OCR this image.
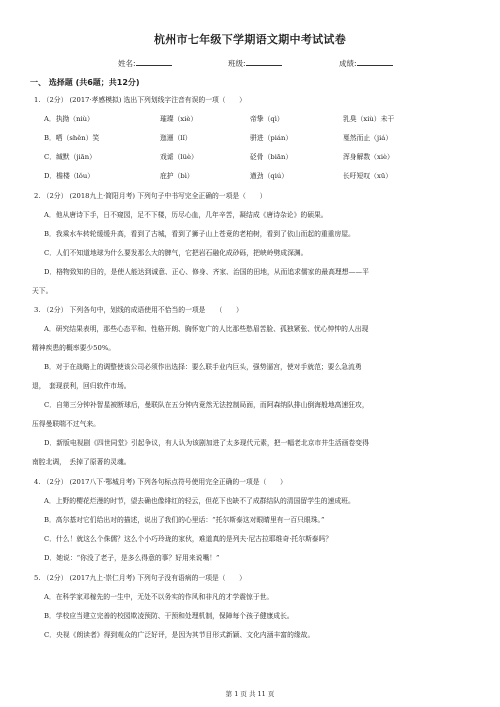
杭州市七年级下学期语文期中考试试卷
姓名:	班级:	成绩:
一、 选择题 (共6题；共12分)
1. （2分） (2017·孝感模拟) 选出下列划线字注音有误的一项（　　）
A．执拗（niù）	璀璨（xiè）	帝挚（qì）	乳臭（xiù）未干
B．哂（shěn）笑	迤逦（lǐ）	骈进（pián）	戛然而止（jiá）
C．缄默（jiān）	戏谑（lüè）	砭骨（biān）	浑身解数（xiè）
D．檐楼（lǒu）	庇护（bì）	遒劲（qiú）	长吁短叹（xū）
2. （2分） (2018九上·简阳月考) 下列句子中书写完全正确的一项是（　　）
A．他从唐诗下手，日不窥园，足不下楼，历尽心血，几年辛苦，凝结成《唐诗杂论》的硕果。
B．我乘水车转轮缓缓升高，看到了古城，看到了狮子山上苍竟的老柏树，看到了依山而起的重重房屋。
C．人们不知道地球为什么要发那么大的脾气，它把岩石融化成砂砾，把峡岭劈成深渊。
D．格物致知的目的，是使人能达到诚意、正心、修身、齐家、治国的田地，从而追求儒家的最高理想——平
天下。
3. （2分） 下列各句中，划线的成语使用不恰当的一项是　　（　　）
A．研究结果表明，那些心态平和、性格开朗、胸怀宽广的人比那些愁眉苦脸、孤独紧张、忧心忡忡的人出现
精神疾患的概率要少50%。
B．对于在战略上的调整使该公司必须作出选择：要么联手业内巨头，强势逼宫，使对手就范；要么急流勇
退，　套现获利，回归软件市场。
C．自第三分钟补智星被断球后，曼联队在五分钟内竟然无法控制局面，而阿森纳队排山倒海般地高速狂攻，
压得曼联喘不过气来。
D．新版电视剧《四世同堂》引起争议，有人认为该剧加进了太多现代元素，把一幅老北京市井生活画卷变得
南腔北调，　丢掉了原著的灵魂。
4. （2分） (2017八下·鄂城月考) 下列各句标点符号使用完全正确的一项是（　　）
A．上野的樱花烂漫的时节，望去确也像绯红的轻云，但花下也缺不了成群结队的清国留学生的速成班。
B．高尔基对它们给出对的描述，说出了我们的心里话：“托尔斯泰这对眼睛里有一百只眼珠。”
C．什么！就这么个侏儒？这么个小巧玲珑的家伙，难道真的是列夫·尼古拉耶维奇·托尔斯泰吗？
D．她说：“你没了老子，是多么得意的事？好用来说嘴！”
5. （2分） (2017九上·崇仁月考) 下列句子没有语病的一项是（　　）
A．在科学家邓稼先的一生中，无处不以务实的作风和非凡的才学震惊于世。
B．学校应当建立完善的校园欺凌预防、干预和处理机制，保障每个孩子健康成长。
C．央视《朗读者》得到观众的广泛好评，是因为其节目形式新颖、文化内涵丰富的缘故。
第 1 页 共 11 页
